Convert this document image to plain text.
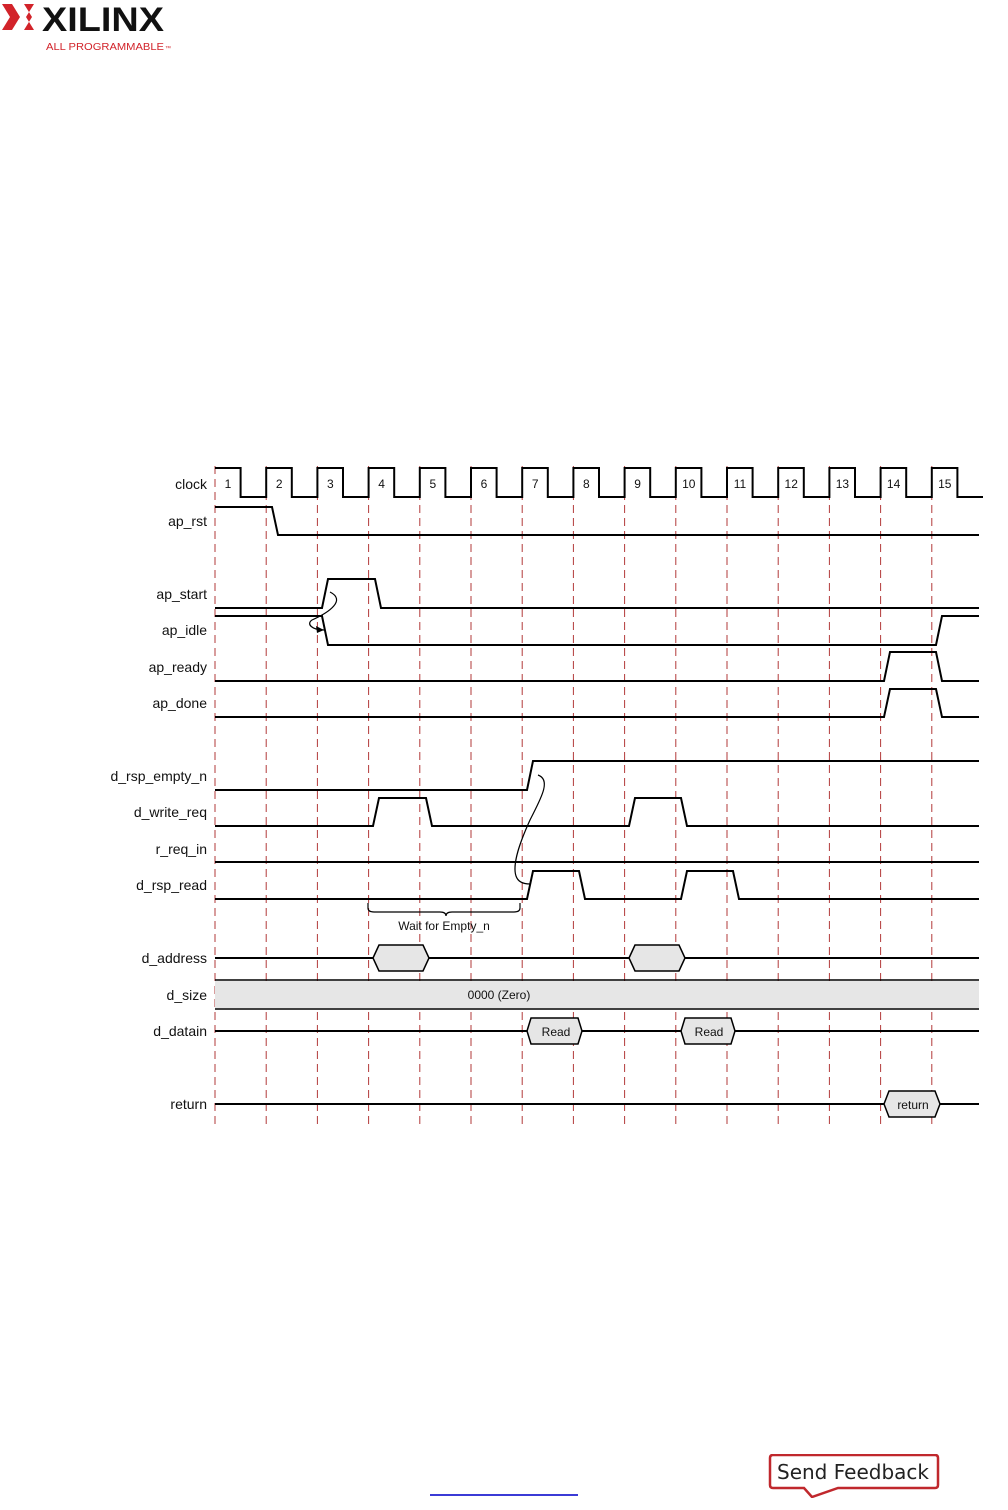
XILINX
ALL PROGRAMMABLE ™
clock
ap_rst
ap_start
ap_idle
ap_ready
ap_done
d_rsp_empty_n
d_write_req
r_req_in
d_rsp_read
d_address
d_size
d_datain
return
1	2	3	4	5	6	7	8	9	10	11	12	13	14	15
Wait for Empty_n
0000 (Zero)
Read	Read
return
Send Feedback
